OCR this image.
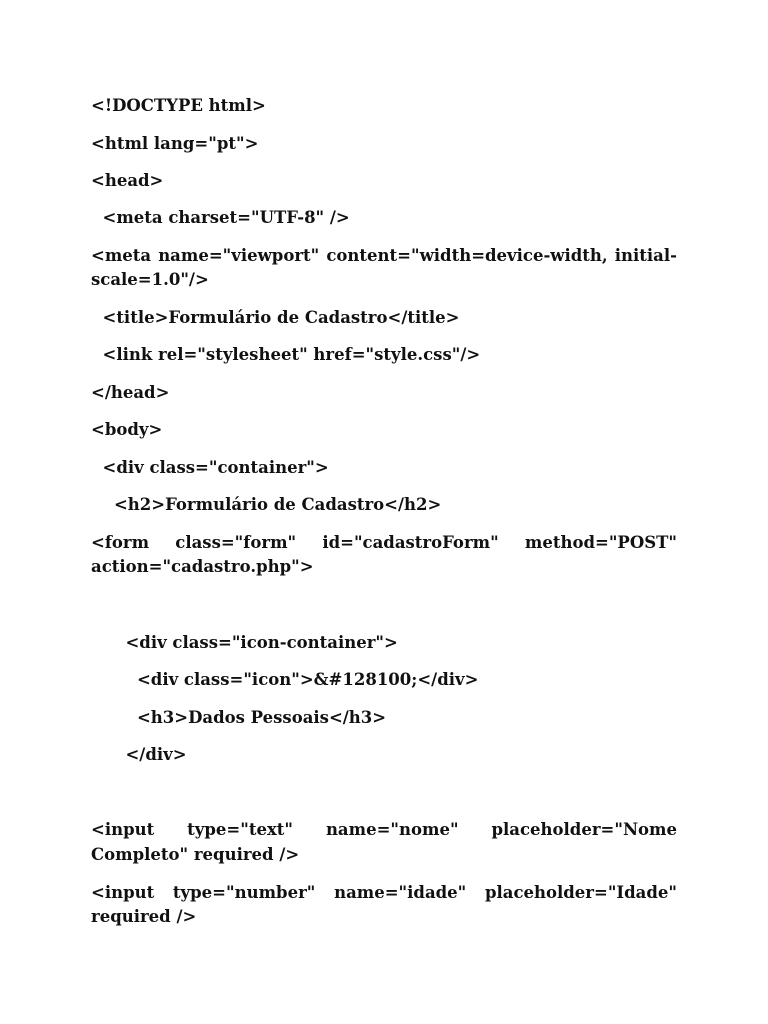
<!DOCTYPE html>

<html lang="pt">

<head>

<meta charset="UTF-8" />

<meta name="viewport" content="width=device-width, initial-

scale=1.0"/>

<title>Formulário de Cadastro</title>

<link rel="stylesheet" href="style.css"/>

</head>

<body>

<div class="container">

<h2>Formulário de Cadastro</h2>

<form class="form" id="cadastroForm" method="POST"

action="cadastro.php">

<div class="icon-container">

<div class="icon">&#128100;</div>

<h3>Dados Pessoais</h3>

</div>

<input type="text" name="nome" placeholder="Nome

Completo" required />

<input type="number" name="idade" placeholder="Idade"

required />
